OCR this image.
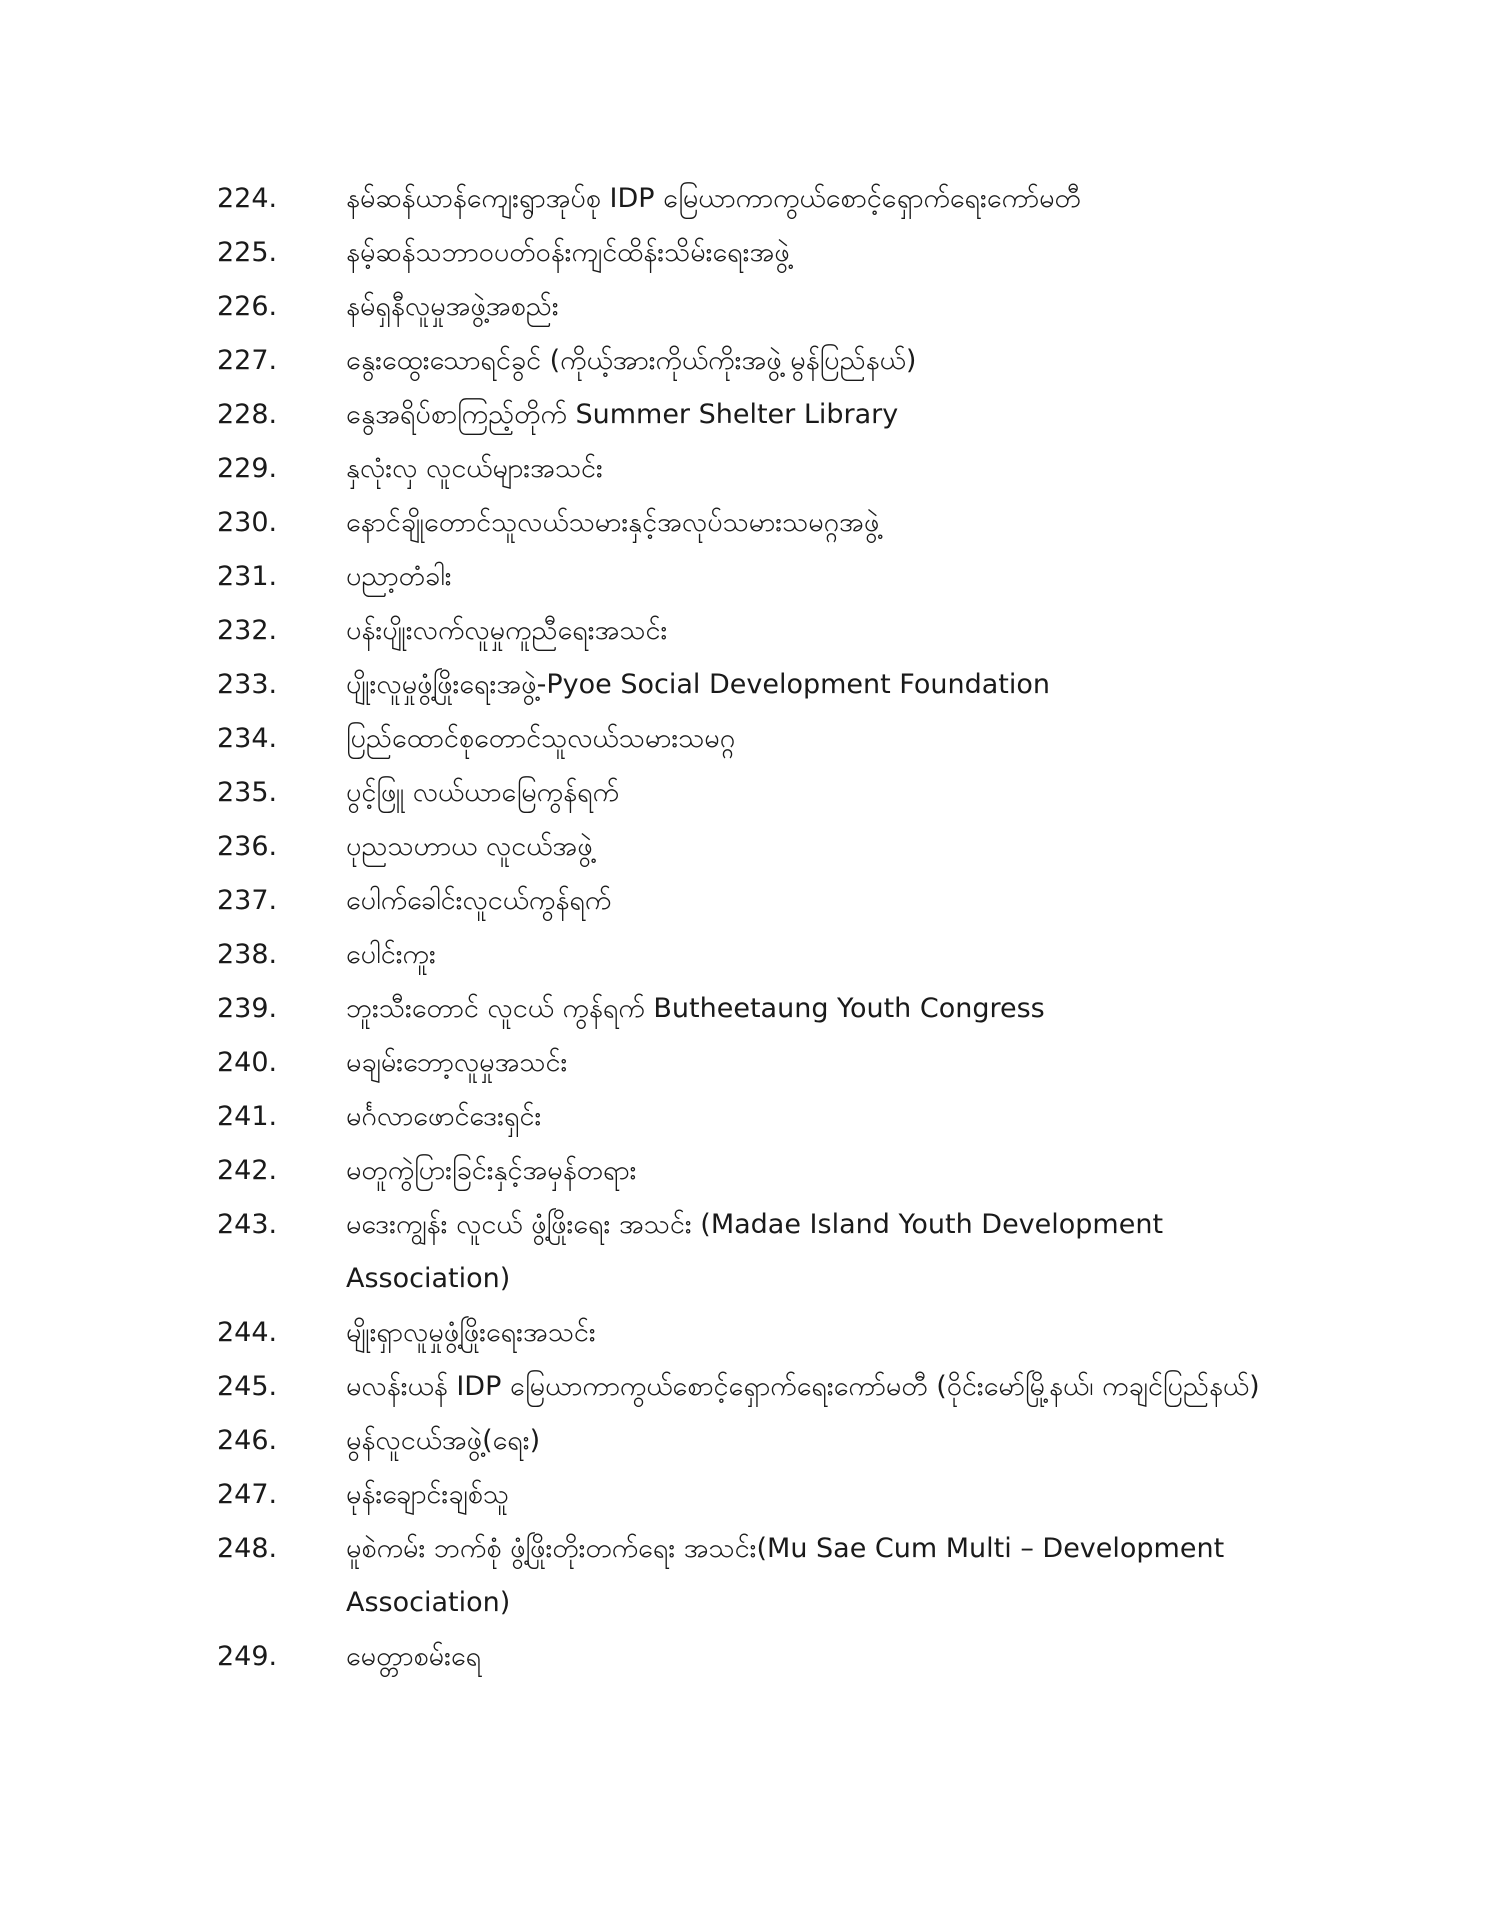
224.	နမ်ဆန်ယာန်ကျေးရွာအုပ်စု IDP မြေယာကာကွယ်စောင့်ရှောက်ရေးကော်မတီ
225.	နမ့်ဆန်သဘာဝပတ်ဝန်းကျင်ထိန်းသိမ်းရေးအဖွဲ့
226.	နမ်ရှနီလူမှုအဖွဲ့အစည်း
227.	နွေးထွေးသောရင်ခွင် (ကိုယ့်အားကိုယ်ကိုးအဖွဲ့ မွန်ပြည်နယ်)
228.	နွေအရိပ်စာကြည့်တိုက် Summer Shelter Library
229.	နှလုံးလှ လူငယ်များအသင်း
230.	နောင်ချိုတောင်သူလယ်သမားနှင့်အလုပ်သမားသမဂ္ဂအဖွဲ့
231.	ပညာ့တံခါး
232.	ပန်းပျိုးလက်လူမှုကူညီရေးအသင်း
233.	ပျိုးလူမှုဖွံ့ဖြိုးရေးအဖွဲ့-Pyoe Social Development Foundation
234.	ပြည်ထောင်စုတောင်သူလယ်သမားသမဂ္ဂ
235.	ပွင့်ဖြူ လယ်ယာမြေကွန်ရက်
236.	ပုညသဟာယ လူငယ်အဖွဲ့
237.	ပေါက်ခေါင်းလူငယ်ကွန်ရက်
238.	ပေါင်းကူး
239.	ဘူးသီးတောင် လူငယ် ကွန်ရက် Butheetaung Youth Congress
240.	မချမ်းဘော့လူမှုအသင်း
241.	မင်္ဂလာဖောင်ဒေးရှင်း
242.	မတူကွဲပြားခြင်းနှင့်အမှန်တရား
243.	မဒေးကျွန်း လူငယ် ဖွံ့ဖြိုးရေး အသင်း (Madae Island Youth Development Association)
244.	မျိုးရှာလူမှုဖွံ့ဖြိုးရေးအသင်း
245.	မလန်းယန် IDP မြေယာကာကွယ်စောင့်ရှောက်ရေးကော်မတီ (ဝိုင်းမော်မြို့နယ်၊ ကချင်ပြည်နယ်)
246.	မွန်လူငယ်အဖွဲ့(ရေး)
247.	မုန်းချောင်းချစ်သူ
248.	မူစဲကမ်း ဘက်စုံ ဖွံ့ဖြိုးတိုးတက်ရေး အသင်း(Mu Sae Cum Multi – Development Association)
249.	မေတ္တာစမ်းရေ
